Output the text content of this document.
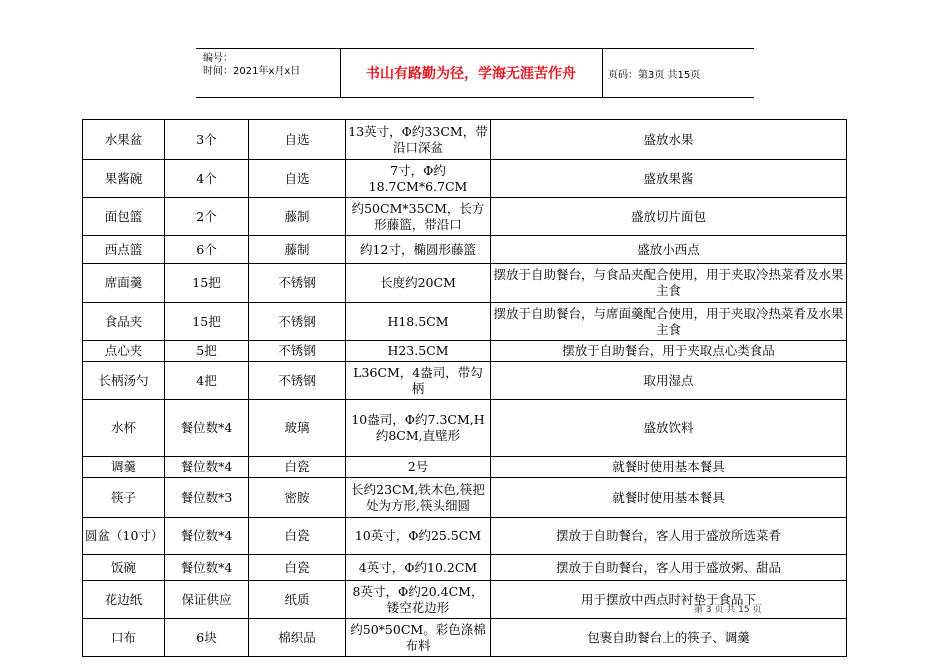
编号：
时间：2021年x月x日	书山有路勤为径，学海无涯苦作舟	页码：第3页 共15页
水果盆	3个	自选	13英寸，Φ约33CM，带沿口深盆	盛放水果
果酱碗	4个	自选	7寸，Φ约18.7CM*6.7CM	盛放果酱
面包篮	2个	藤制	约50CM*35CM，长方形藤篮，带沿口	盛放切片面包
西点篮	6个	藤制	约12寸，椭圆形藤篮	盛放小西点
席面羹	15把	不锈钢	长度约20CM	摆放于自助餐台，与食品夹配合使用，用于夹取冷热菜肴及水果主食
食品夹	15把	不锈钢	H18.5CM	摆放于自助餐台，与席面羹配合使用，用于夹取冷热菜肴及水果主食
点心夹	5把	不锈钢	H23.5CM	摆放于自助餐台，用于夹取点心类食品
长柄汤勺	4把	不锈钢	L36CM，4盎司，带勾柄	取用湿点
水杯	餐位数*4	玻璃	10盎司，Φ约7.3CM,H约8CM,直壁形	盛放饮料
调羹	餐位数*4	白瓷	2号	就餐时使用基本餐具
筷子	餐位数*3	密胺	长约23CM,铁木色,筷把处为方形,筷头细圆	就餐时使用基本餐具
圆盆（10寸）	餐位数*4	白瓷	10英寸，Φ约25.5CM	摆放于自助餐台，客人用于盛放所选菜肴
饭碗	餐位数*4	白瓷	4英寸，Φ约10.2CM	摆放于自助餐台，客人用于盛放粥、甜品
花边纸	保证供应	纸质	8英寸，Φ约20.4CM，镂空花边形	用于摆放中西点时衬垫于食品下
口布	6块	棉织品	约50*50CM。彩色涤棉布料	包裹自助餐台上的筷子、调羹
第 3 页 共 15 页
